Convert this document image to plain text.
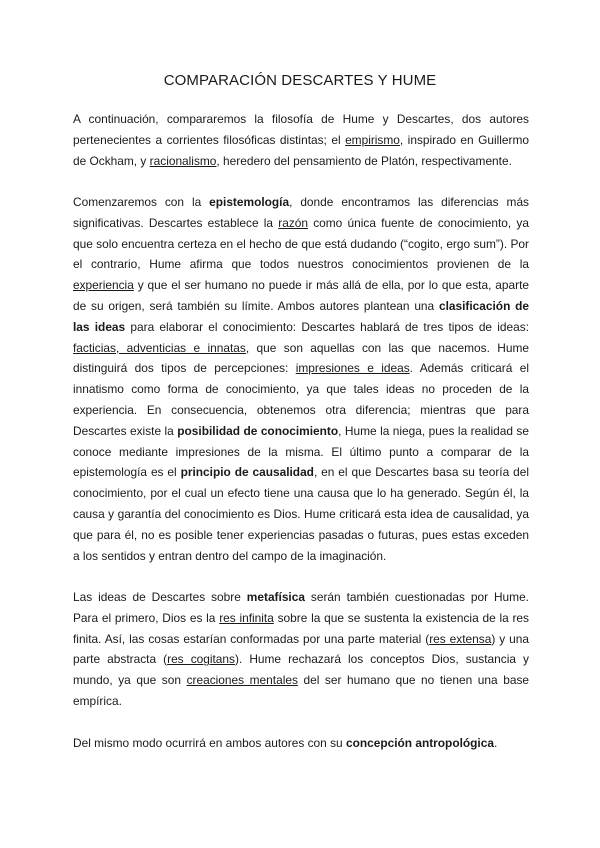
COMPARACIÓN DESCARTES Y HUME

A continuación, compararemos la filosofía de Hume y Descartes, dos autores pertenecientes a corrientes filosóficas distintas; el empirismo, inspirado en Guillermo de Ockham, y racionalismo, heredero del pensamiento de Platón, respectivamente.

Comenzaremos con la epistemología, donde encontramos las diferencias más significativas. Descartes establece la razón como única fuente de conocimiento, ya que solo encuentra certeza en el hecho de que está dudando (“cogito, ergo sum”). Por el contrario, Hume afirma que todos nuestros conocimientos provienen de la experiencia y que el ser humano no puede ir más allá de ella, por lo que esta, aparte de su origen, será también su límite. Ambos autores plantean una clasificación de las ideas para elaborar el conocimiento: Descartes hablará de tres tipos de ideas: facticias, adventicias e innatas, que son aquellas con las que nacemos. Hume distinguirá dos tipos de percepciones: impresiones e ideas. Además criticará el innatismo como forma de conocimiento, ya que tales ideas no proceden de la experiencia. En consecuencia, obtenemos otra diferencia; mientras que para Descartes existe la posibilidad de conocimiento, Hume la niega, pues la realidad se conoce mediante impresiones de la misma. El último punto a comparar de la epistemología es el principio de causalidad, en el que Descartes basa su teoría del conocimiento, por el cual un efecto tiene una causa que lo ha generado. Según él, la causa y garantía del conocimiento es Dios. Hume criticará esta idea de causalidad, ya que para él, no es posible tener experiencias pasadas o futuras, pues estas exceden a los sentidos y entran dentro del campo de la imaginación.

Las ideas de Descartes sobre metafísica serán también cuestionadas por Hume. Para el primero, Dios es la res infinita sobre la que se sustenta la existencia de la res finita. Así, las cosas estarían conformadas por una parte material (res extensa) y una parte abstracta (res cogitans). Hume rechazará los conceptos Dios, sustancia y mundo, ya que son creaciones mentales del ser humano que no tienen una base empírica.

Del mismo modo ocurrirá en ambos autores con su concepción antropológica.
